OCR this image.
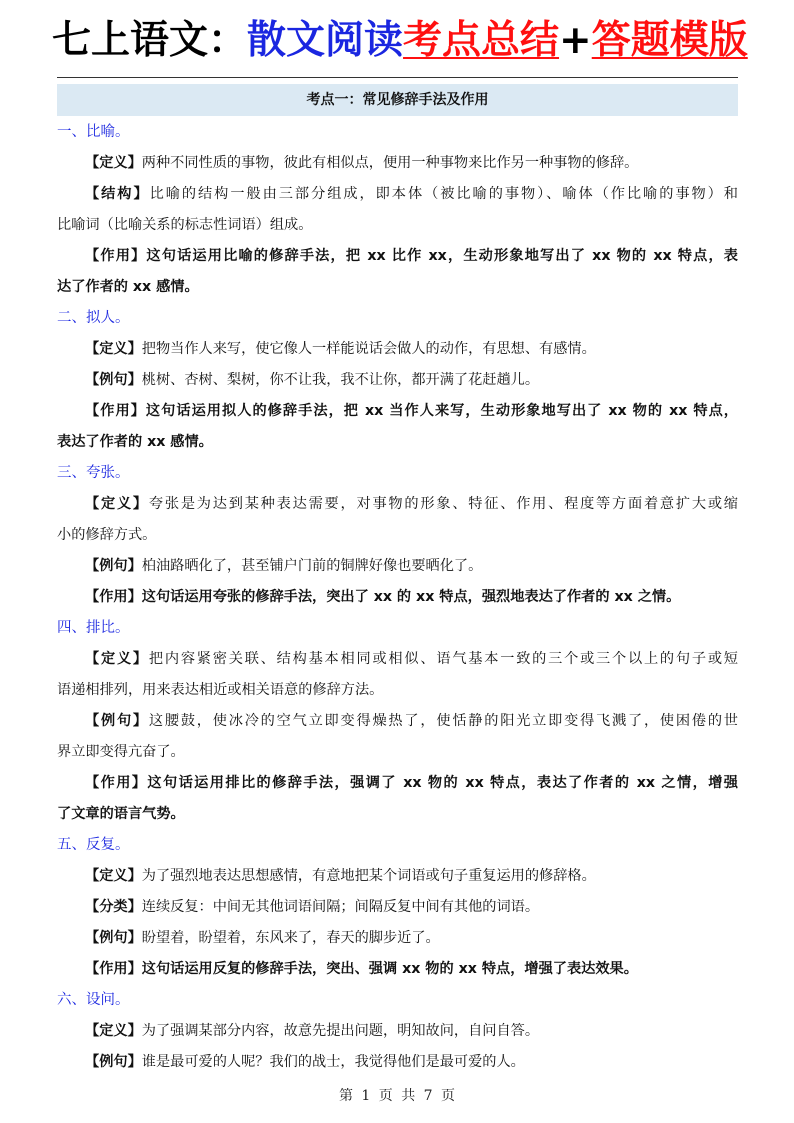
七上语文：散文阅读考点总结+答题模版
考点一：常见修辞手法及作用
一、比喻。
【定义】两种不同性质的事物，彼此有相似点，便用一种事物来比作另一种事物的修辞。
【结构】比喻的结构一般由三部分组成，即本体（被比喻的事物）、喻体（作比喻的事物）和
比喻词（比喻关系的标志性词语）组成。
【作用】这句话运用比喻的修辞手法，把 xx 比作 xx，生动形象地写出了 xx 物的 xx 特点，表
达了作者的 xx 感情。
二、拟人。
【定义】把物当作人来写，使它像人一样能说话会做人的动作，有思想、有感情。
【例句】桃树、杏树、梨树，你不让我，我不让你，都开满了花赶趟儿。
【作用】这句话运用拟人的修辞手法，把 xx 当作人来写，生动形象地写出了 xx 物的 xx 特点，
表达了作者的 xx 感情。
三、夸张。
【定义】夸张是为达到某种表达需要，对事物的形象、特征、作用、程度等方面着意扩大或缩
小的修辞方式。
【例句】柏油路晒化了，甚至铺户门前的铜牌好像也要晒化了。
【作用】这句话运用夸张的修辞手法，突出了 xx 的 xx 特点，强烈地表达了作者的 xx 之情。
四、排比。
【定义】把内容紧密关联、结构基本相同或相似、语气基本一致的三个或三个以上的句子或短
语递相排列，用来表达相近或相关语意的修辞方法。
【例句】这腰鼓，使冰冷的空气立即变得燥热了，使恬静的阳光立即变得飞溅了，使困倦的世
界立即变得亢奋了。
【作用】这句话运用排比的修辞手法，强调了 xx 物的 xx 特点，表达了作者的 xx 之情，增强
了文章的语言气势。
五、反复。
【定义】为了强烈地表达思想感情，有意地把某个词语或句子重复运用的修辞格。
【分类】连续反复：中间无其他词语间隔；间隔反复中间有其他的词语。
【例句】盼望着，盼望着，东风来了，春天的脚步近了。
【作用】这句话运用反复的修辞手法，突出、强调 xx 物的 xx 特点，增强了表达效果。
六、设问。
【定义】为了强调某部分内容，故意先提出问题，明知故问，自问自答。
【例句】谁是最可爱的人呢？我们的战士，我觉得他们是最可爱的人。
第 1 页 共 7 页
